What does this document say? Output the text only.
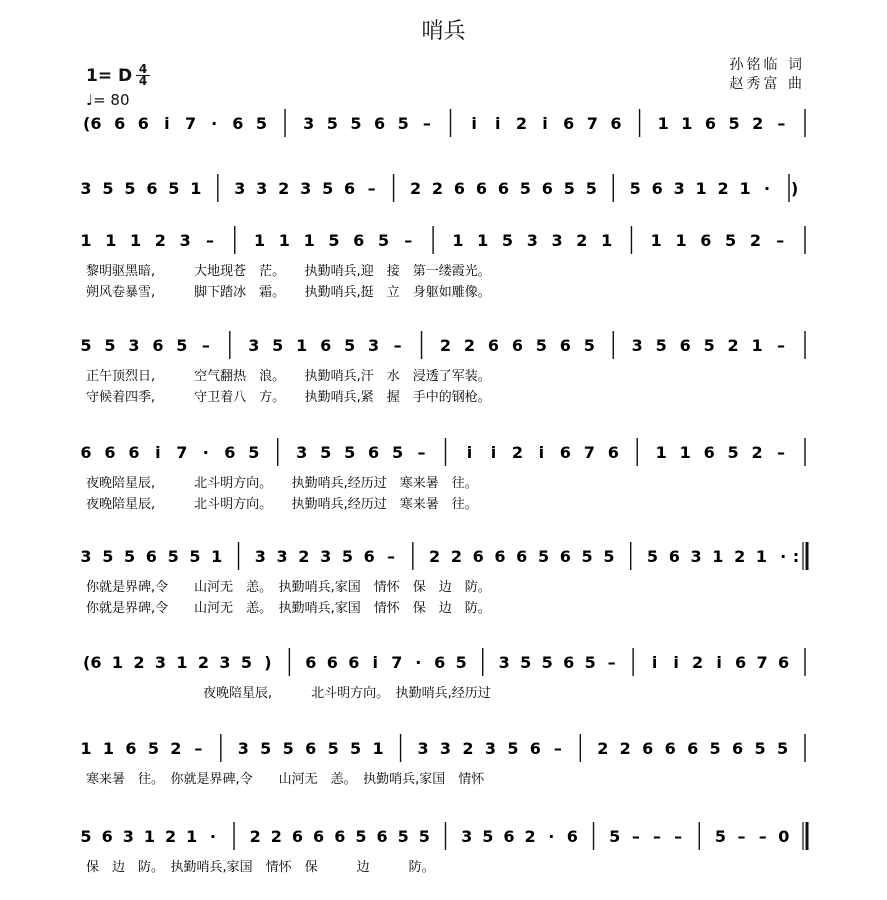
哨兵
孙铭临 词
赵秀富 曲
1= D 4
4
♩= 80
( 6 6 6 i 7 · 6 5 3 5 5 6 5 –	i i 2 i 6 7 6 1 1 6 5 2 –
)
3 5 5 6 5 1 3 3 2 3 5 6 – 2 2 6 6 6 5 6 5 5 5 6 3 1 2 1 ·
1 1 1 2 3 –	1 1 1 5 6 5 –	1 1 5 3 3 2 1 1 1 6 5 2 –
黎明驱黑暗,　　　大地现苍　茫。　　执勤哨兵,迎　接　第一缕霞光。
朔风卷暴雪,　　　脚下踏冰　霜。　　执勤哨兵,挺　立　身躯如雕像。
5 5 3 6 5 – 3 5 1 6 5 3 – 2 2 6 6 5 6 5 3 5 6 5 2 1 –
正午顶烈日,　　　空气翻热　浪。　　执勤哨兵,汗　水　浸透了军装。
守候着四季,　　　守卫着八　方。　　执勤哨兵,紧　握　手中的钢枪。
6 6 6 i 7 · 6 5 3 5 5 6 5 –	i i 2 i 6 7 6 1 1 6 5 2 –
夜晚陪星辰,　　　北斗明方向。　　执勤哨兵,经历过　寒来暑　往。
夜晚陪星辰,　　　北斗明方向。　　执勤哨兵,经历过　寒来暑　往。
3 5 5 6 5 5 1 3 3 2 3 5 6 – 2 2 6 6 6 5 6 5 5 5 6 3 1 2 1 · :
你就是界碑,令　　山河无　恙。　执勤哨兵,家国　情怀　保　边　防。
你就是界碑,令　　山河无　恙。　执勤哨兵,家国　情怀　保　边　防。
( 6 1 2 3 1 2 3 5 ) 6 6 6 i 7 · 6 5 3 5 5 6 5 – i i 2 i 6 7 6
　　　　　　　　　夜晚陪星辰,　　　北斗明方向。　执勤哨兵,经历过
1 1 6 5 2 – 3 5 5 6 5 5 1 3 3 2 3 5 6 – 2 2 6 6 6 5 6 5 5
寒来暑　往。　你就是界碑,令　　山河无　恙。　执勤哨兵,家国　情怀
5 6 3 1 2 1 · 2 2 6 6 6 5 6 5 5 3 5 6 2 · 6 5 – – – 5 – – 0
保　边　防。　执勤哨兵,家国　情怀　保　　　边　　　防。
